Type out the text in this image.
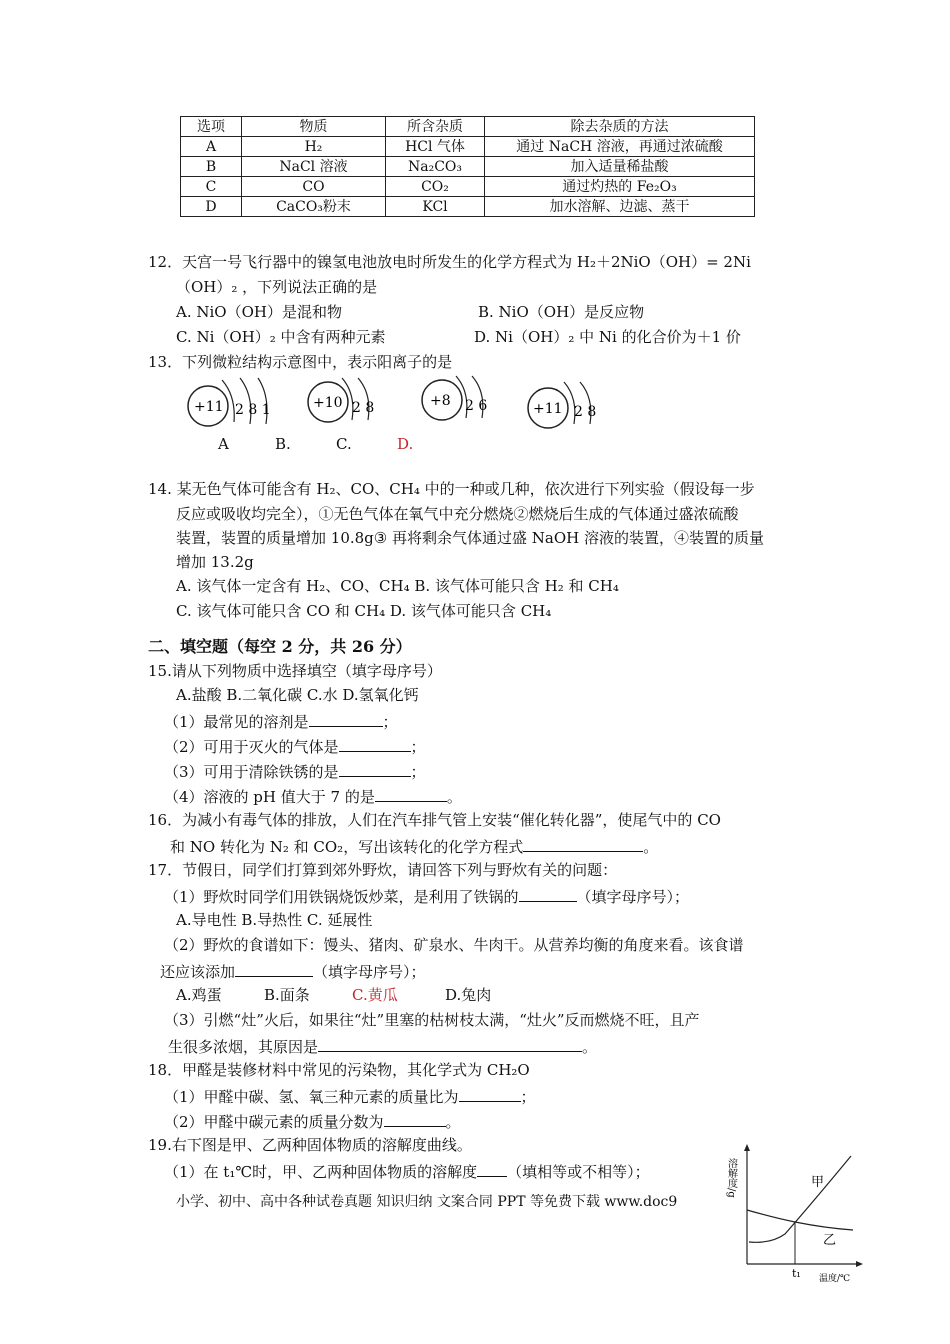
选项	物质	所含杂质	除去杂质的方法
A	H₂	HCl 气体	通过 NaCH 溶液，再通过浓硫酸
B	NaCl 溶液	Na₂CO₃	加入适量稀盐酸
C	CO	CO₂	通过灼热的 Fe₂O₃
D	CaCO₃粉末	KCl	加水溶解、边滤、蒸干
12．天宫一号飞行器中的镍氢电池放电时所发生的化学方程式为 H₂＋2NiO（OH）= 2Ni
（OH）₂ ，下列说法正确的是
A. NiO（OH）是混和物	B. NiO（OH）是反应物
C. Ni（OH）₂ 中含有两种元素	D. Ni（OH）₂ 中 Ni 的化合价为＋1 价
13．下列微粒结构示意图中，表示阳离子的是
+11 2 8 1	+10 2 8	+8 2 6	+11 2 8
A	B.	C.	D.
14. 某无色气体可能含有 H₂、CO、CH₄ 中的一种或几种，依次进行下列实验（假设每一步
反应或吸收均完全），①无色气体在氧气中充分燃烧②燃烧后生成的气体通过盛浓硫酸
装置，装置的质量增加 10.8g③ 再将剩余气体通过盛 NaOH 溶液的装置，④装置的质量
增加 13.2g
A. 该气体一定含有 H₂、CO、CH₄ B. 该气体可能只含 H₂ 和 CH₄
C. 该气体可能只含 CO 和 CH₄ D. 该气体可能只含 CH₄
二、填空题（每空 2 分，共 26 分）
15.请从下列物质中选择填空（填字母序号）
A.盐酸 B.二氧化碳 C.水 D.氢氧化钙
（1）最常见的溶剂是	；
（2）可用于灭火的气体是	；
（3）可用于清除铁锈的是	；
（4）溶液的 pH 值大于 7 的是	。
16．为减小有毒气体的排放，人们在汽车排气管上安装“催化转化器”，使尾气中的 CO
和 NO 转化为 N₂ 和 CO₂，写出该转化的化学方程式	。
17．节假日，同学们打算到郊外野炊，请回答下列与野炊有关的问题：
（1）野炊时同学们用铁锅烧饭炒菜，是利用了铁锅的	（填字母序号）；
A.导电性 B.导热性 C. 延展性
（2）野炊的食谱如下：馒头、猪肉、矿泉水、牛肉干。从营养均衡的角度来看。该食谱
还应该添加	（填字母序号）；
A.鸡蛋	B.面条	C.黄瓜	D.兔肉
（3）引燃“灶”火后，如果往“灶”里塞的枯树枝太满，“灶火”反而燃烧不旺，且产
生很多浓烟，其原因是	。
18．甲醛是装修材料中常见的污染物，其化学式为 CH₂O
（1）甲醛中碳、氢、氧三种元素的质量比为	；
（2）甲醛中碳元素的质量分数为	。
19.右下图是甲、乙两种固体物质的溶解度曲线。
（1）在 t₁℃时，甲、乙两种固体物质的溶解度 （填相等或不相等）；
小学、初中、高中各种试卷真题 知识归纳 文案合同 PPT 等免费下载 www.doc9
溶解度/g	甲
乙
t₁ 温度/℃
